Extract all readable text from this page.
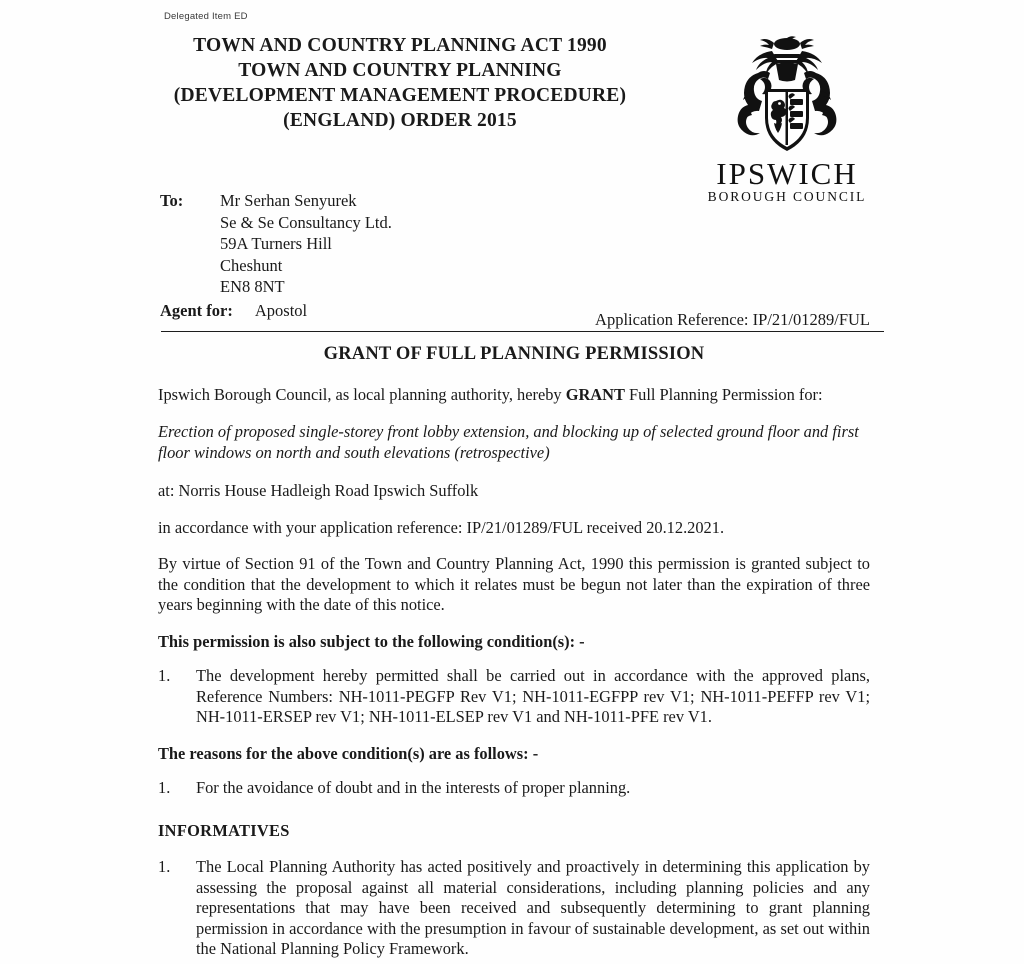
Delegated Item ED
TOWN AND COUNTRY PLANNING ACT 1990
TOWN AND COUNTRY PLANNING
(DEVELOPMENT MANAGEMENT PROCEDURE)
(ENGLAND) ORDER 2015
IPSWICH
BOROUGH COUNCIL
To:	Mr Serhan Senyurek
Se & Se Consultancy Ltd.
59A Turners Hill
Cheshunt
EN8 8NT
Agent for: Apostol	Application Reference: IP/21/01289/FUL
GRANT OF FULL PLANNING PERMISSION

Ipswich Borough Council, as local planning authority, hereby GRANT Full Planning Permission for:

Erection of proposed single-storey front lobby extension, and blocking up of selected ground floor and first floor windows on north and south elevations (retrospective)

at: Norris House Hadleigh Road Ipswich Suffolk

in accordance with your application reference: IP/21/01289/FUL received 20.12.2021.

By virtue of Section 91 of the Town and Country Planning Act, 1990 this permission is granted subject to the condition that the development to which it relates must be begun not later than the expiration of three years beginning with the date of this notice.

This permission is also subject to the following condition(s): -
1.	The development hereby permitted shall be carried out in accordance with the approved plans, Reference Numbers: NH-1011-PEGFP Rev V1; NH-1011-EGFPP rev V1; NH-1011-PEFFP rev V1; NH-1011-ERSEP rev V1; NH-1011-ELSEP rev V1 and NH-1011-PFE rev V1.
The reasons for the above condition(s) are as follows: -
1.	For the avoidance of doubt and in the interests of proper planning.
INFORMATIVES
1.	The Local Planning Authority has acted positively and proactively in determining this application by assessing the proposal against all material considerations, including planning policies and any representations that may have been received and subsequently determining to grant planning permission in accordance with the presumption in favour of sustainable development, as set out within the National Planning Policy Framework.
